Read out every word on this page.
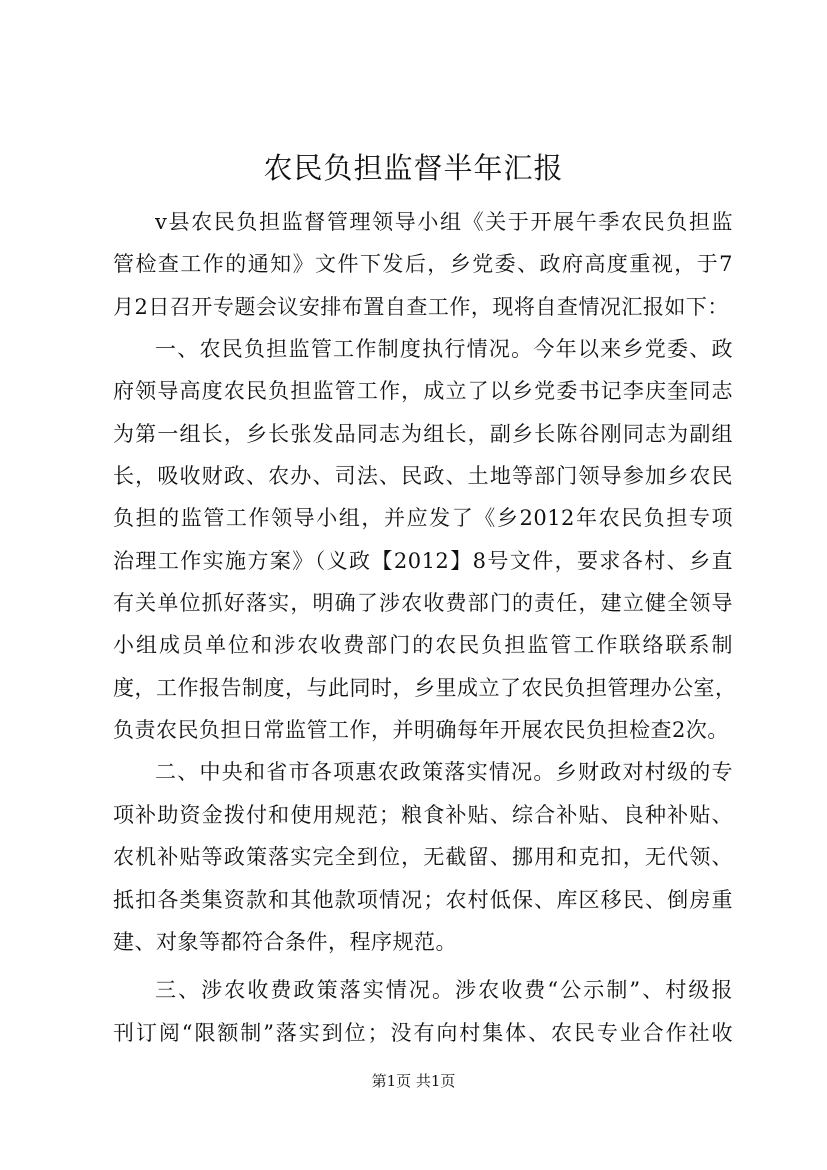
农民负担监督半年汇报
v县农民负担监督管理领导小组《关于开展午季农民负担监
管检查工作的通知》文件下发后，乡党委、政府高度重视，于7
月2日召开专题会议安排布置自查工作，现将自查情况汇报如下：
一、农民负担监管工作制度执行情况。今年以来乡党委、政
府领导高度农民负担监管工作，成立了以乡党委书记李庆奎同志
为第一组长，乡长张发品同志为组长，副乡长陈谷刚同志为副组
长，吸收财政、农办、司法、民政、土地等部门领导参加乡农民
负担的监管工作领导小组，并应发了《乡2012年农民负担专项
治理工作实施方案》（义政【2012】8号文件，要求各村、乡直
有关单位抓好落实，明确了涉农收费部门的责任，建立健全领导
小组成员单位和涉农收费部门的农民负担监管工作联络联系制
度，工作报告制度，与此同时，乡里成立了农民负担管理办公室，
负责农民负担日常监管工作，并明确每年开展农民负担检查2次。
二、中央和省市各项惠农政策落实情况。乡财政对村级的专
项补助资金拨付和使用规范；粮食补贴、综合补贴、良种补贴、
农机补贴等政策落实完全到位，无截留、挪用和克扣，无代领、
抵扣各类集资款和其他款项情况；农村低保、库区移民、倒房重
建、对象等都符合条件，程序规范。
三、涉农收费政策落实情况。涉农收费“公示制”、村级报
刊订阅“限额制”落实到位；没有向村集体、农民专业合作社收
第1页 共1页
